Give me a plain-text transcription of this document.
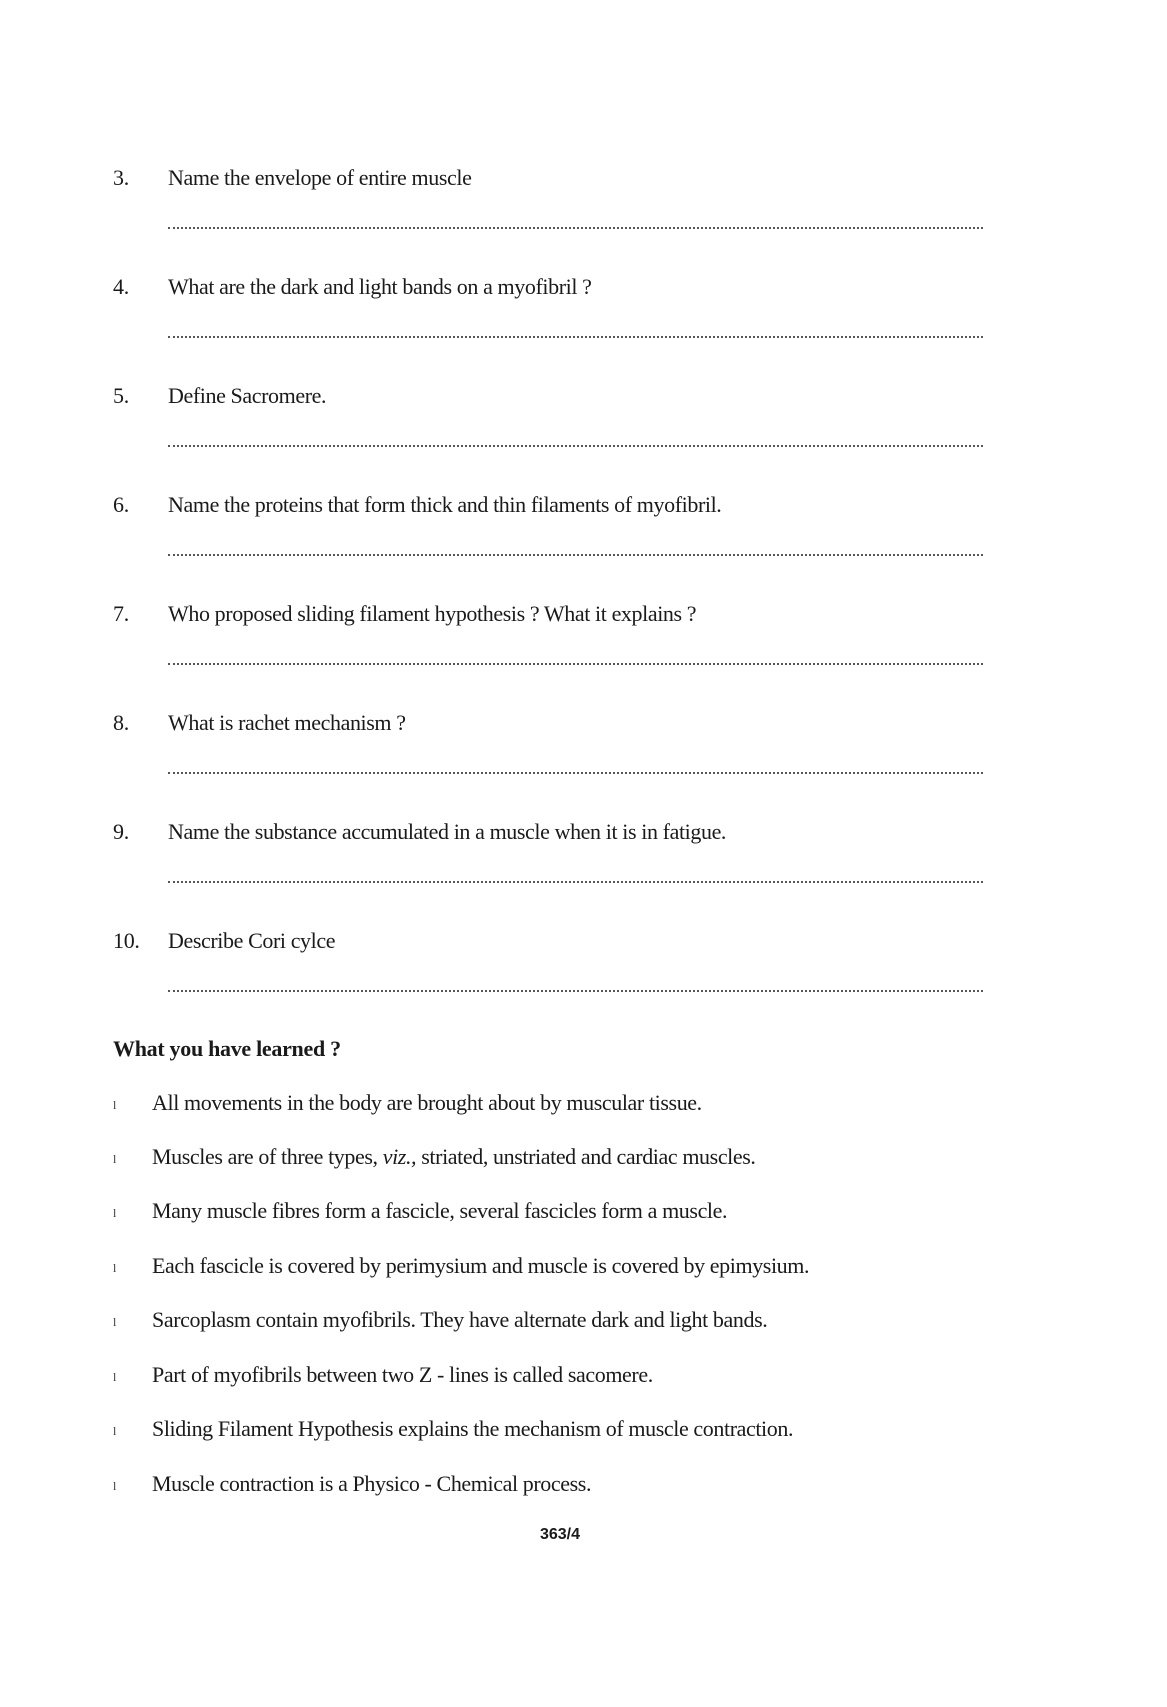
3. Name the envelope of entire muscle
4. What are the dark and light bands on a myofibril ?
5. Define Sacromere.
6. Name the proteins that form thick and thin filaments of myofibril.
7. Who proposed sliding filament hypothesis ? What it explains ?
8. What is rachet mechanism ?
9. Name the substance accumulated in a muscle when it is in fatigue.
10. Describe Cori cylce
What you have learned ?
l All movements in the body are brought about by muscular tissue.
l Muscles are of three types, viz., striated, unstriated and cardiac muscles.
l Many muscle fibres form a fascicle, several fascicles form a muscle.
l Each fascicle is covered by perimysium and muscle is covered by epimysium.
l Sarcoplasm contain myofibrils. They have alternate dark and light bands.
l Part of myofibrils between two Z - lines is called sacomere.
l Sliding Filament Hypothesis explains the mechanism of muscle contraction.
l Muscle contraction is a Physico - Chemical process.
363/4
